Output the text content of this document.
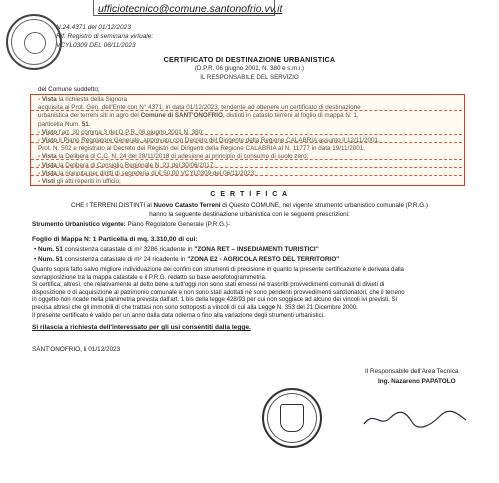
ufficiotecnico@comune.santonofrio.vv.it
N.24.4371 del 01/12/2023
Rif. Registro di seminaria virtuale:
VCYL0309 DEL 06/11/2023
CERTIFICATO DI DESTINAZIONE URBANISTICA
(D.P.R. 06 giugno 2001, N. 380 e s.m.i.)
IL RESPONSABILE DEL SERVIZIO
del Comune suddetto;
- Vista la richiesta della Signora
acquisita al Prot. Gen. dell'Ente con N° 4371, in data 01/12/2023, tendente ad ottenere un certificato di destinazione
urbanistica dei terreni siti in agro del Comune di SANT'ONOFRIO, distinti in catasto terreni al foglio di mappa N: 1,
particella Num. 51.
- Visto l'art. 30 comma 3 del D.P.R. 06 giugno 2001 N. 380;
- Visto il Piano Regolatore Generale, approvato con Decreto del Dirigente della Regione CALABRIA assunto il 12/11/2001,
Prot. N. 502 e registrato al Decreto dei Registri dei Dirigenti della Regione CALABRIA al N. 11777 in data 19/11/2001;
- Vista la Delibera di C.C. N. 24 del 28/11/2018 di adesione al principio di consumo di suolo zero;
- Vista la Delibera di Consiglio Regionale N. 21 del 30/06/2017;
- Vista la ricevuta per diritti di segreteria di € 50,00 VCYL0309 del 06/11/2023;
- Visti gli atti reperiti in ufficio;
C E R T I F I C A
CHE I TERRENI DISTINTI al Nuovo Catasto Terreni di Questo COMUNE, nel vigente strumento urbanistico comunale (P.R.G.)
hanno la seguente destinazione urbanistica con le seguenti prescrizioni:
Strumento Urbanistico vigente: Piano Regolatore Generale (P.R.G.)-
Foglio di Mappa N: 1 Particella di mq. 3.310,00 di cui:
• Num. 51 consistenza catastale di m² 3286 ricadente in "ZONA RET – INSEDIAMENTI TURISTICI"
• Num. 51 consistenza catastale di m² 24 ricadente in "ZONA E2 - AGRICOLA RESTO DEL TERRITORIO"
Quanto sopra fatto salvo migliore individuazione dei confini con strumenti di precisione in quanto la presente certificazione è derivata dalla
sovrapposizione tra la mappa catastale e il P.R.G. redatto su base aerofotogrammetria.
Si certifica, altresì, che relativamente al detto bene a tutt'oggi non sono stati emessi né trascritti provvedimenti comunali di divieti di
disposizione o di acquisizione al patrimonio comunale e non sono stati adottati né sono pendenti provvedimenti sanzionatori, che il terreno
in oggetto non ricade nella planimetria prevista dall'art. 1 bis della legge 428/93 per cui non soggiace ad alcuno dei vincoli ivi previsti. Si
precisa altresì che gli immobili di che trattasi non sono sottoposti a vincoli di cui alla Legge N. 353 del 21 Dicembre 2000.
Il presente certificato è valido per un anno dalla data odierna o fino alla variazione degli strumenti urbanistici.
Si rilascia a richiesta dell'interessato per gli usi consentiti dalla legge.
SANT'ONOFRIO, li 01/12/2023
Il Responsabile dell'Area Tecnica
Ing. Nazareno PAPATOLO
